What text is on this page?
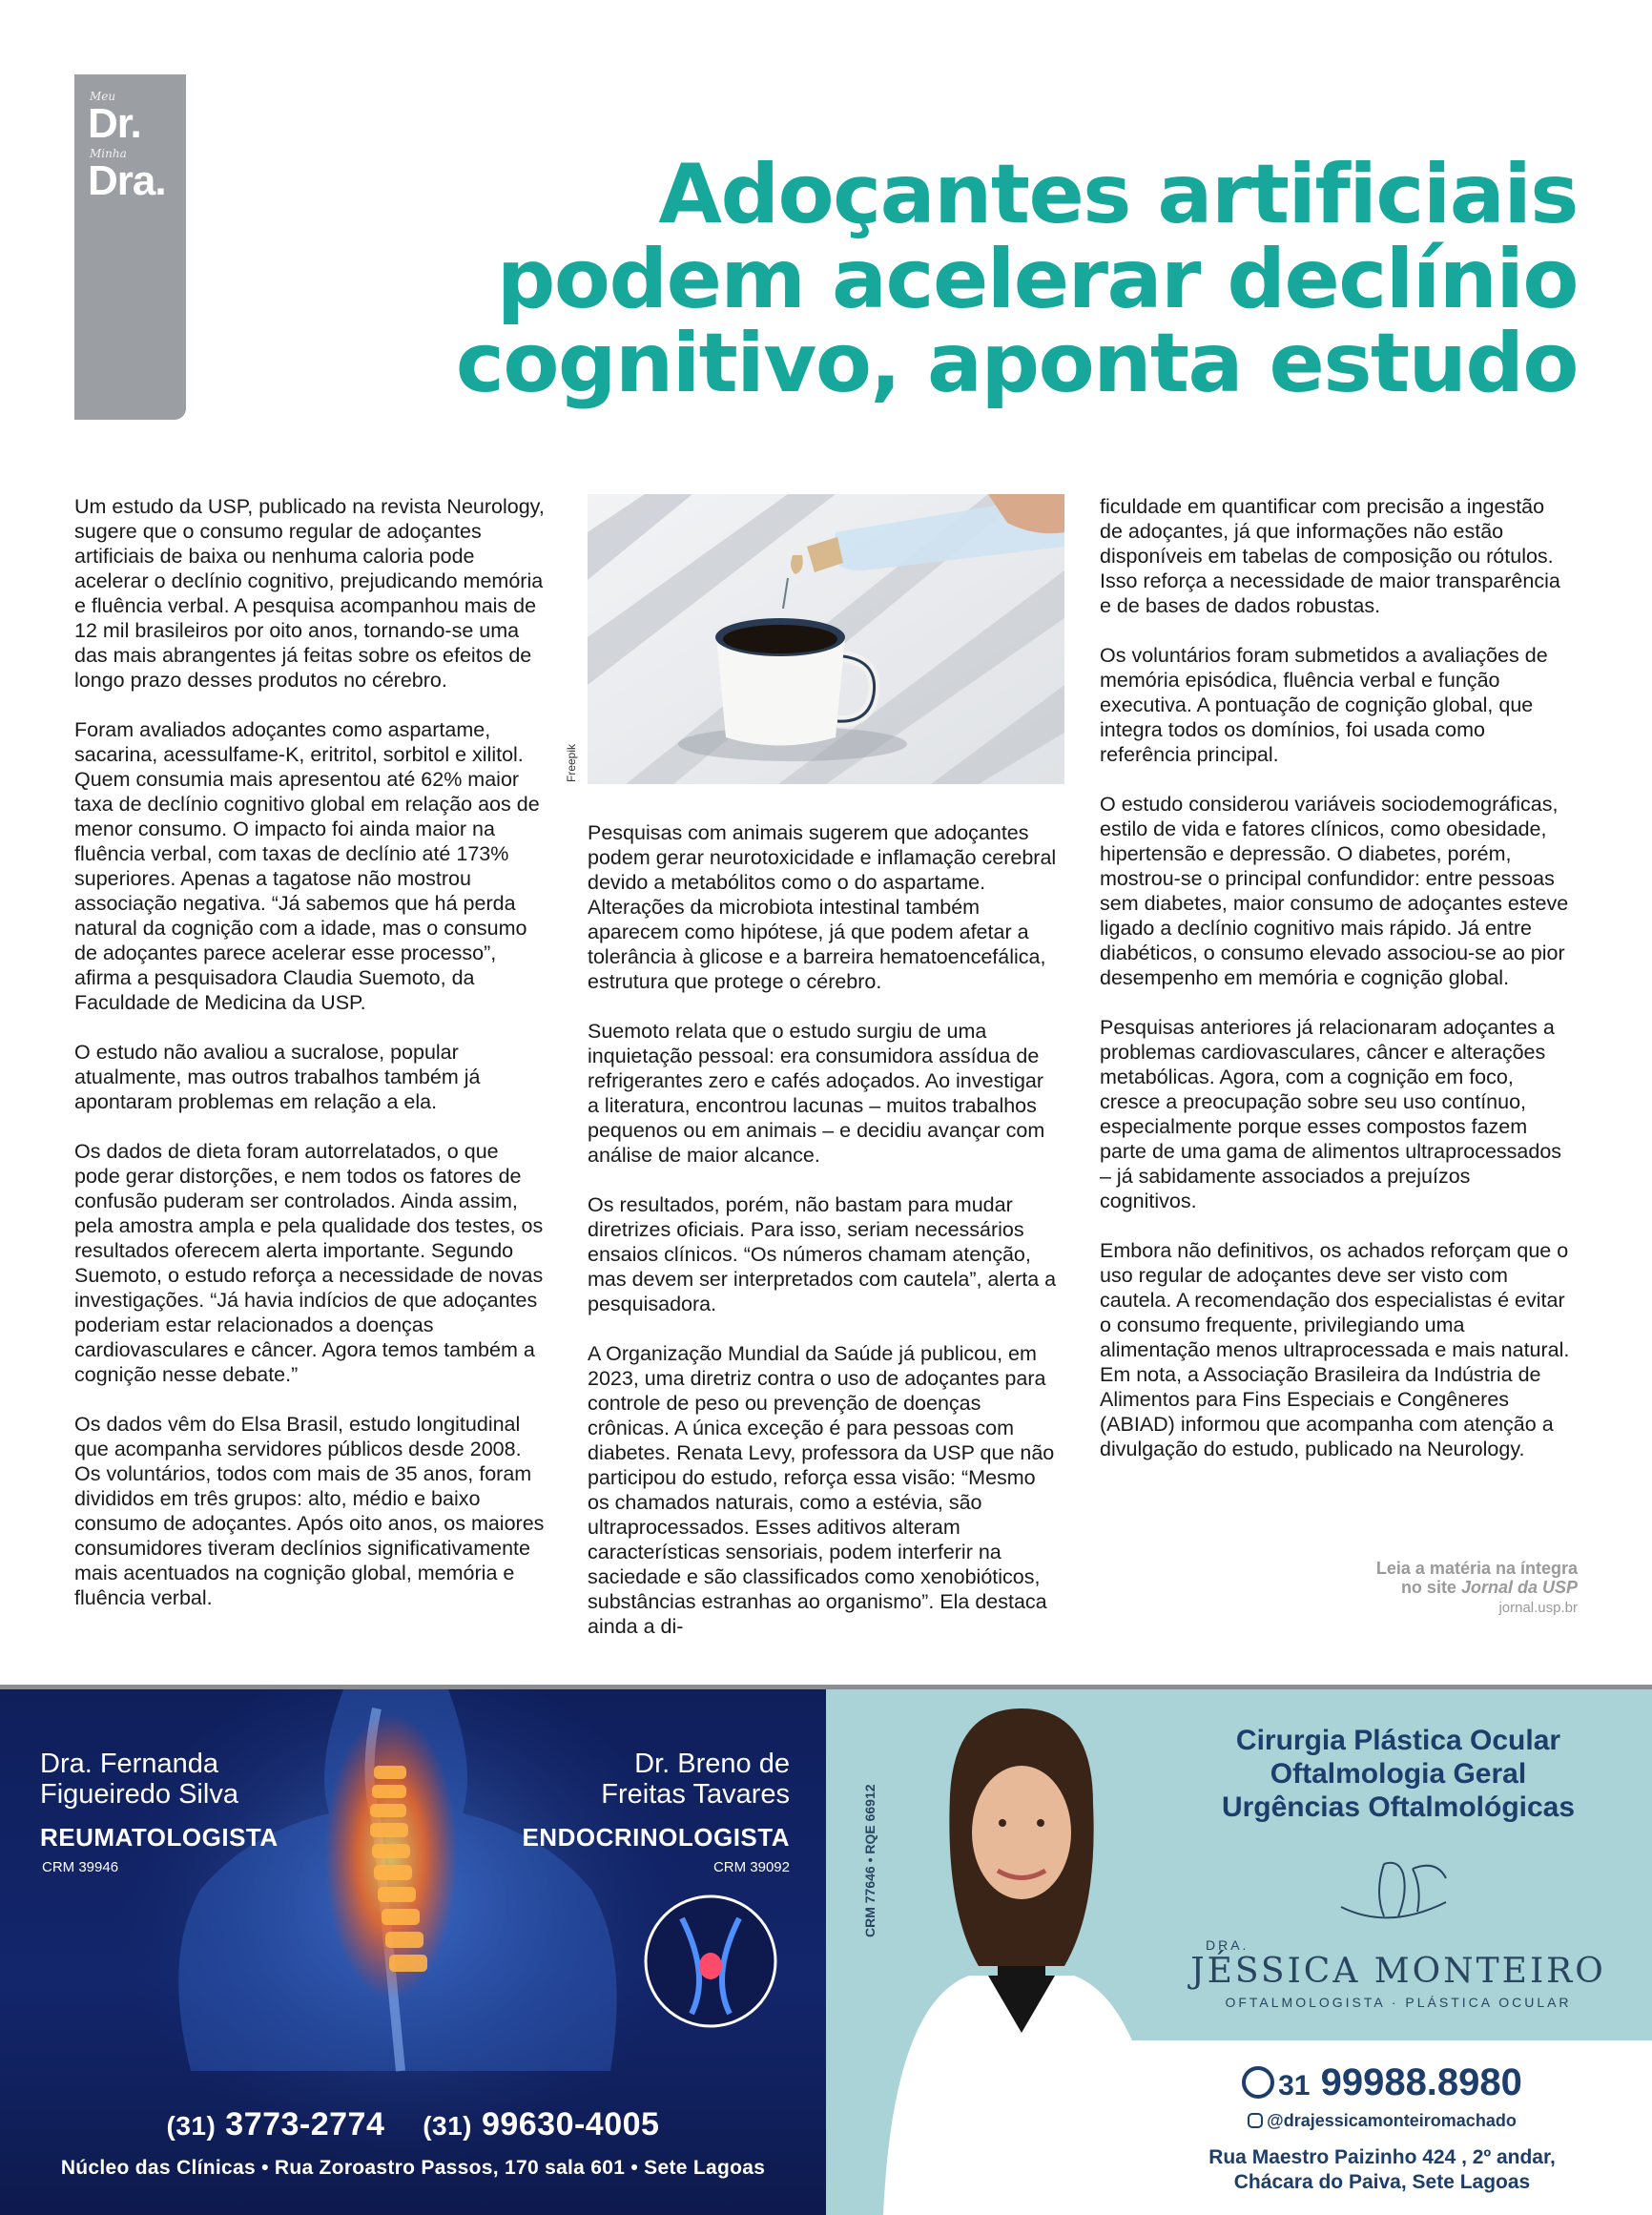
Meu
Dr.
Minha
Dra.	Adoçantes artificiais
podem acelerar declínio
cognitivo, aponta estudo

Um estudo da USP, publicado na revista Neurology, sugere que o consumo regular de adoçantes artificiais de baixa ou nenhuma caloria pode acelerar o declínio cognitivo, prejudicando memória e fluência verbal. A pesquisa acompanhou mais de 12 mil brasileiros por oito anos, tornando-se uma das mais abrangentes já feitas sobre os efeitos de longo prazo desses produtos no cérebro.

Foram avaliados adoçantes como aspartame, sacarina, acessulfame-K, eritritol, sorbitol e xilitol. Quem consumia mais apresentou até 62% maior taxa de declínio cognitivo global em relação aos de menor consumo. O impacto foi ainda maior na fluência verbal, com taxas de declínio até 173% superiores. Apenas a tagatose não mostrou associação negativa. “Já sabemos que há perda natural da cognição com a idade, mas o consumo de adoçantes parece acelerar esse processo”, afirma a pesquisadora Claudia Suemoto, da Faculdade de Medicina da USP.

O estudo não avaliou a sucralose, popular atualmente, mas outros trabalhos também já apontaram problemas em relação a ela.

Os dados de dieta foram autorrelatados, o que pode gerar distorções, e nem todos os fatores de confusão puderam ser controlados. Ainda assim, pela amostra ampla e pela qualidade dos testes, os resultados oferecem alerta importante. Segundo Suemoto, o estudo reforça a necessidade de novas investigações. “Já havia indícios de que adoçantes poderiam estar relacionados a doenças cardiovasculares e câncer. Agora temos também a cognição nesse debate.”

Os dados vêm do Elsa Brasil, estudo longitudinal que acompanha servidores públicos desde 2008. Os voluntários, todos com mais de 35 anos, foram divididos em três grupos: alto, médio e baixo consumo de adoçantes. Após oito anos, os maiores consumidores tiveram declínios significativamente mais acentuados na cognição global, memória e fluência verbal.

Freepik

Pesquisas com animais sugerem que adoçantes podem gerar neurotoxicidade e inflamação cerebral devido a metabólitos como o do aspartame. Alterações da microbiota intestinal também aparecem como hipótese, já que podem afetar a tolerância à glicose e a barreira hematoencefálica, estrutura que protege o cérebro.

Suemoto relata que o estudo surgiu de uma inquietação pessoal: era consumidora assídua de refrigerantes zero e cafés adoçados. Ao investigar a literatura, encontrou lacunas – muitos trabalhos pequenos ou em animais – e decidiu avançar com análise de maior alcance.

Os resultados, porém, não bastam para mudar diretrizes oficiais. Para isso, seriam necessários ensaios clínicos. “Os números chamam atenção, mas devem ser interpretados com cautela”, alerta a pesquisadora.

A Organização Mundial da Saúde já publicou, em 2023, uma diretriz contra o uso de adoçantes para controle de peso ou prevenção de doenças crônicas. A única exceção é para pessoas com diabetes. Renata Levy, professora da USP que não participou do estudo, reforça essa visão: “Mesmo os chamados naturais, como a estévia, são ultraprocessados. Esses aditivos alteram características sensoriais, podem interferir na saciedade e são classificados como xenobióticos, substâncias estranhas ao organismo”. Ela destaca ainda a di-

ficuldade em quantificar com precisão a ingestão de adoçantes, já que informações não estão disponíveis em tabelas de composição ou rótulos. Isso reforça a necessidade de maior transparência e de bases de dados robustas.

Os voluntários foram submetidos a avaliações de memória episódica, fluência verbal e função executiva. A pontuação de cognição global, que integra todos os domínios, foi usada como referência principal.

O estudo considerou variáveis sociodemográficas, estilo de vida e fatores clínicos, como obesidade, hipertensão e depressão. O diabetes, porém, mostrou-se o principal confundidor: entre pessoas sem diabetes, maior consumo de adoçantes esteve ligado a declínio cognitivo mais rápido. Já entre diabéticos, o consumo elevado associou-se ao pior desempenho em memória e cognição global.

Pesquisas anteriores já relacionaram adoçantes a problemas cardiovasculares, câncer e alterações metabólicas. Agora, com a cognição em foco, cresce a preocupação sobre seu uso contínuo, especialmente porque esses compostos fazem parte de uma gama de alimentos ultraprocessados – já sabidamente associados a prejuízos cognitivos.

Embora não definitivos, os achados reforçam que o uso regular de adoçantes deve ser visto com cautela. A recomendação dos especialistas é evitar o consumo frequente, privilegiando uma alimentação menos ultraprocessada e mais natural. Em nota, a Associação Brasileira da Indústria de Alimentos para Fins Especiais e Congêneres (ABIAD) informou que acompanha com atenção a divulgação do estudo, publicado na Neurology.

Leia a matéria na íntegra
no site Jornal da USP
jornal.usp.br
Dra. Fernanda
Figueiredo Silva
REUMATOLOGISTA
CRM 39946
Dr. Breno de
Freitas Tavares
ENDOCRINOLOGISTA
CRM 39092
(31) 3773-2774 (31) 99630-4005
Núcleo das Clínicas • Rua Zoroastro Passos, 170 sala 601 • Sete Lagoas
CRM 77646 • RQE 66912
Cirurgia Plástica Ocular
Oftalmologia Geral
Urgências Oftalmológicas
DRA.
JÉSSICA MONTEIRO
OFTALMOLOGISTA · PLÁSTICA OCULAR
31 99988.8980
@drajessicamonteiromachado
Rua Maestro Paizinho 424 , 2º andar,
Chácara do Paiva, Sete Lagoas
